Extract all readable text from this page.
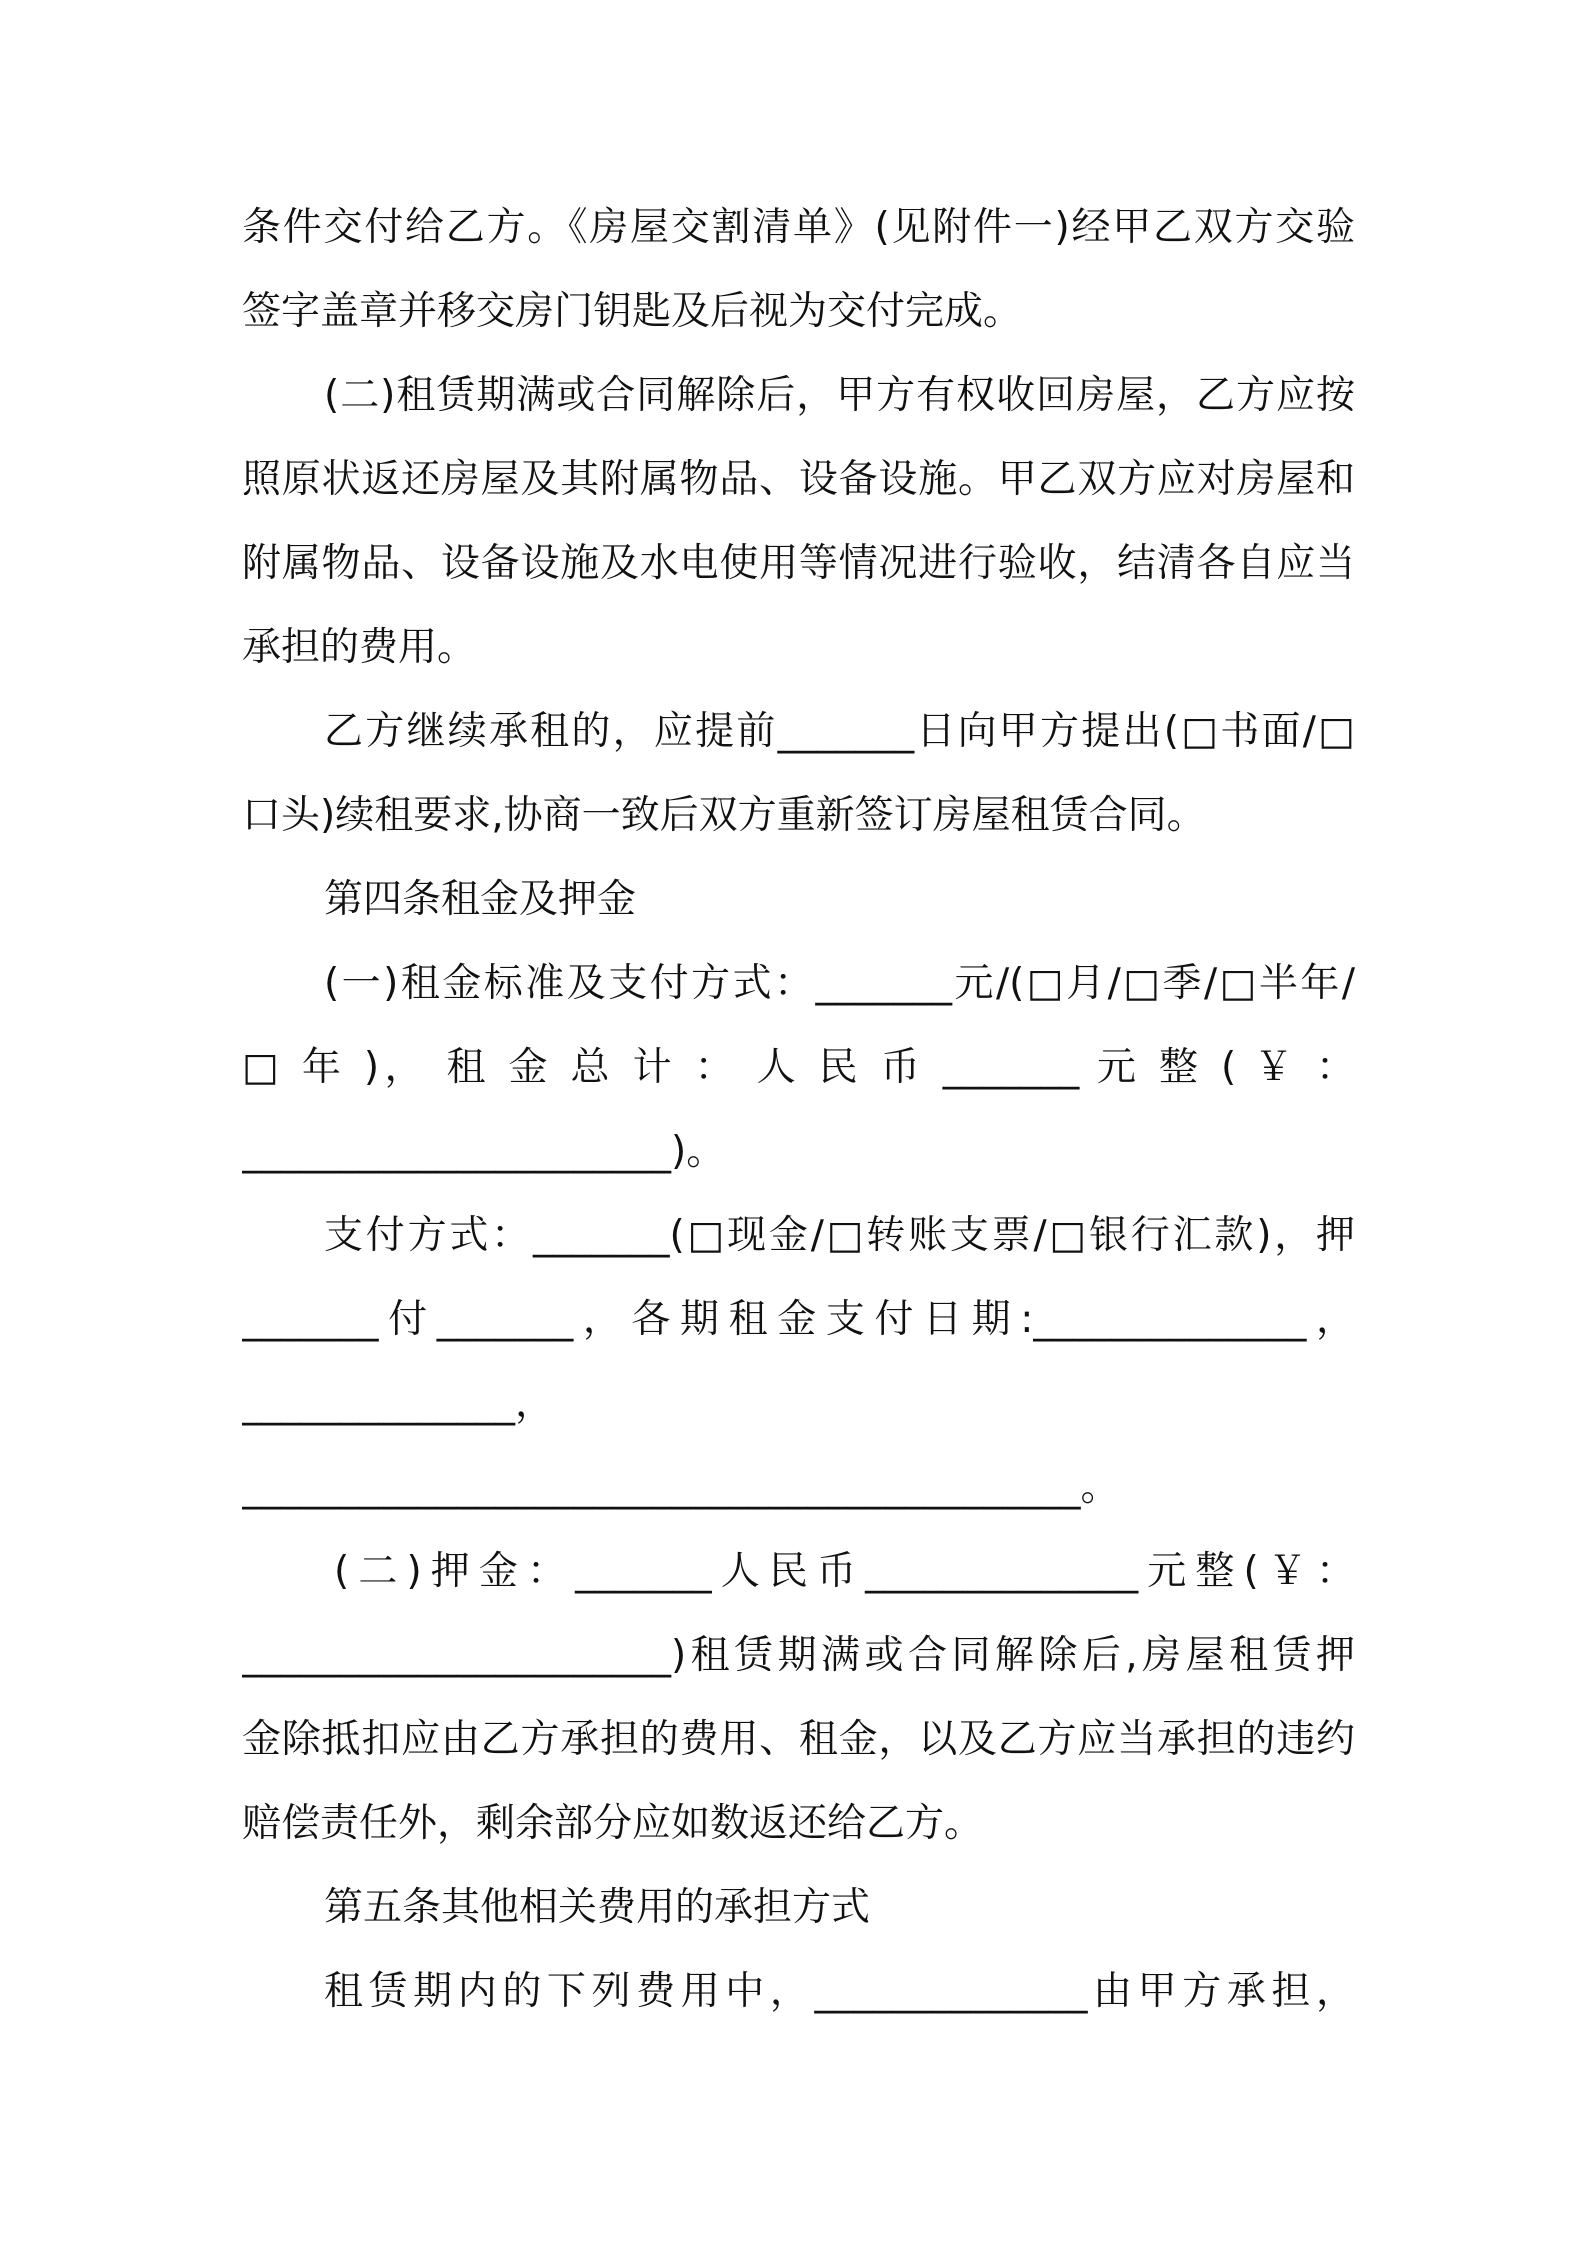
条件交付给乙方。《房屋交割清单》(见附件一)经甲乙双方交验
签字盖章并移交房门钥匙及后视为交付完成。
(二)租赁期满或合同解除后，甲方有权收回房屋，乙方应按
照原状返还房屋及其附属物品、设备设施。甲乙双方应对房屋和
附属物品、设备设施及水电使用等情况进行验收，结清各自应当
承担的费用。
乙方继续承租的，应提前_______日向甲方提出(□书面/□
口头)续租要求,协商一致后双方重新签订房屋租赁合同。
第四条租金及押金
(一)租金标准及支付方式：_______元/(□月/□季/□半年/
□ 年 )， 租 金 总 计 ： 人 民 币 _______ 元 整 ( ￥ ：
______________________)。
支付方式：_______(□现金/□转账支票/□银行汇款)，押
_______付_______，各期租金支付日期:______________，
______________，
___________________________________________。
(二)押金：_______人民币______________元整(￥：
______________________)租赁期满或合同解除后,房屋租赁押
金除抵扣应由乙方承担的费用、租金，以及乙方应当承担的违约
赔偿责任外，剩余部分应如数返还给乙方。
第五条其他相关费用的承担方式
租赁期内的下列费用中，______________由甲方承担，
